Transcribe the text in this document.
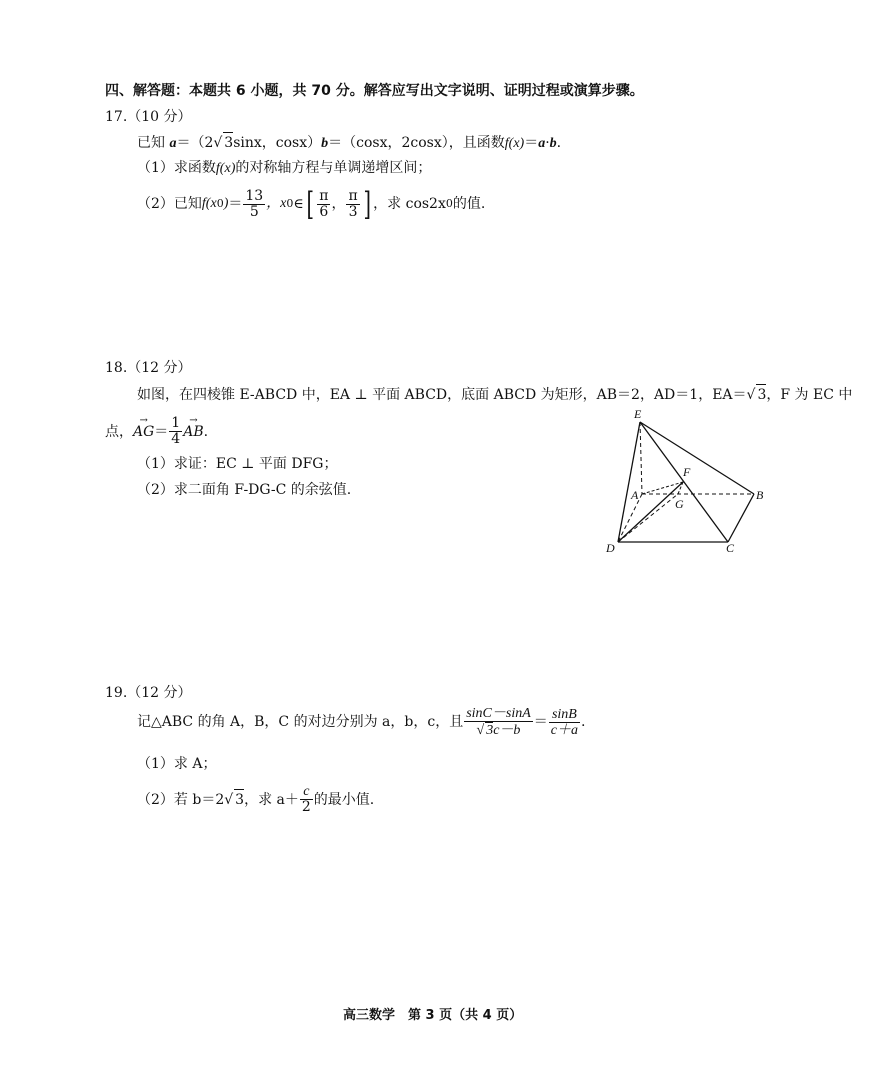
四、解答题：本题共 6 小题，共 70 分。解答应写出文字说明、证明过程或演算步骤。
17.（10 分）
已知 a＝（2√ 3sinx，cosx）b＝（cosx，2cosx），且函数f(x)＝a·b.
（1）求函数f(x)的对称轴方程与单调递增区间；
（2）已知 f(x 0 ) ＝ $\frac{13}{5}$ ，x 0 ∈ [ $\frac{\pi}{6}$ ， $\frac{\pi}{3}$ ] ，求 cos2x 0 的值.
18.（12 分）
如图，在四棱锥 E-ABCD 中，EA ⊥ 平面 ABCD，底面 ABCD 为矩形，AB＝2，AD＝1，EA＝√ 3，F 为 EC 中
点， → AG ＝ $\frac{1}{4}$ → AB .
（1）求证：EC ⊥ 平面 DFG；
（2）求二面角 F-DG-C 的余弦值.
E
F
A
G
B
D	C
19.（12 分）
记△ABC 的角 A，B，C 的对边分别为 a，b，c，且 $\frac{\sin C-\sin A}{√ 3c-b} = \frac{\sin B}{c+a}$ .
（1）求 A；
（2）若 b＝2 √ 3 ，求 $a+ \frac{c}{2}$ 的最小值.
高三数学　第 3 页（共 4 页）
